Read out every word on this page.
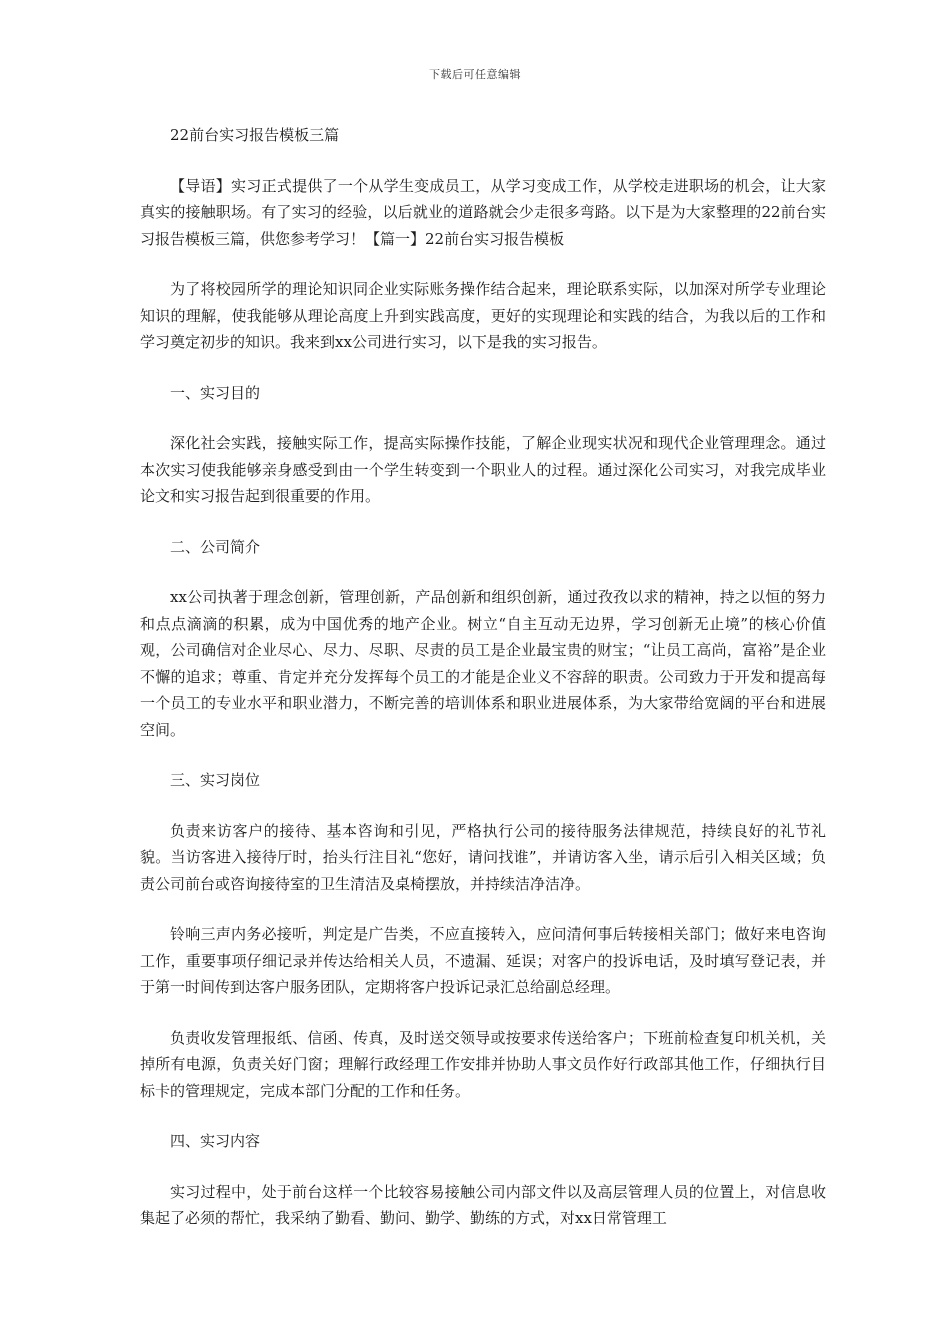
下载后可任意编辑
22前台实习报告模板三篇
【导语】实习正式提供了一个从学生变成员工，从学习变成工作，从学校走进职场的机会，让大家真实的接触职场。有了实习的经验，以后就业的道路就会少走很多弯路。以下是为大家整理的22前台实习报告模板三篇，供您参考学习！【篇一】22前台实习报告模板
为了将校园所学的理论知识同企业实际账务操作结合起来，理论联系实际，以加深对所学专业理论知识的理解，使我能够从理论高度上升到实践高度，更好的实现理论和实践的结合，为我以后的工作和学习奠定初步的知识。我来到xx公司进行实习，以下是我的实习报告。
一、实习目的
深化社会实践，接触实际工作，提高实际操作技能，了解企业现实状况和现代企业管理理念。通过本次实习使我能够亲身感受到由一个学生转变到一个职业人的过程。通过深化公司实习，对我完成毕业论文和实习报告起到很重要的作用。
二、公司简介
xx公司执著于理念创新，管理创新，产品创新和组织创新，通过孜孜以求的精神，持之以恒的努力和点点滴滴的积累，成为中国优秀的地产企业。树立“自主互动无边界，学习创新无止境”的核心价值观，公司确信对企业尽心、尽力、尽职、尽责的员工是企业最宝贵的财宝；“让员工高尚，富裕”是企业不懈的追求；尊重、肯定并充分发挥每个员工的才能是企业义不容辞的职责。公司致力于开发和提高每一个员工的专业水平和职业潜力，不断完善的培训体系和职业进展体系，为大家带给宽阔的平台和进展空间。
三、实习岗位
负责来访客户的接待、基本咨询和引见，严格执行公司的接待服务法律规范，持续良好的礼节礼貌。当访客进入接待厅时，抬头行注目礼“您好，请问找谁”，并请访客入坐，请示后引入相关区域；负责公司前台或咨询接待室的卫生清洁及桌椅摆放，并持续洁净洁净。
铃响三声内务必接听，判定是广告类，不应直接转入，应问清何事后转接相关部门；做好来电咨询工作，重要事项仔细记录并传达给相关人员，不遗漏、延误；对客户的投诉电话，及时填写登记表，并于第一时间传到达客户服务团队，定期将客户投诉记录汇总给副总经理。
负责收发管理报纸、信函、传真，及时送交领导或按要求传送给客户；下班前检查复印机关机，关掉所有电源，负责关好门窗；理解行政经理工作安排并协助人事文员作好行政部其他工作，仔细执行目标卡的管理规定，完成本部门分配的工作和任务。
四、实习内容
实习过程中，处于前台这样一个比较容易接触公司内部文件以及高层管理人员的位置上，对信息收集起了必须的帮忙，我采纳了勤看、勤问、勤学、勤练的方式，对xx日常管理工
